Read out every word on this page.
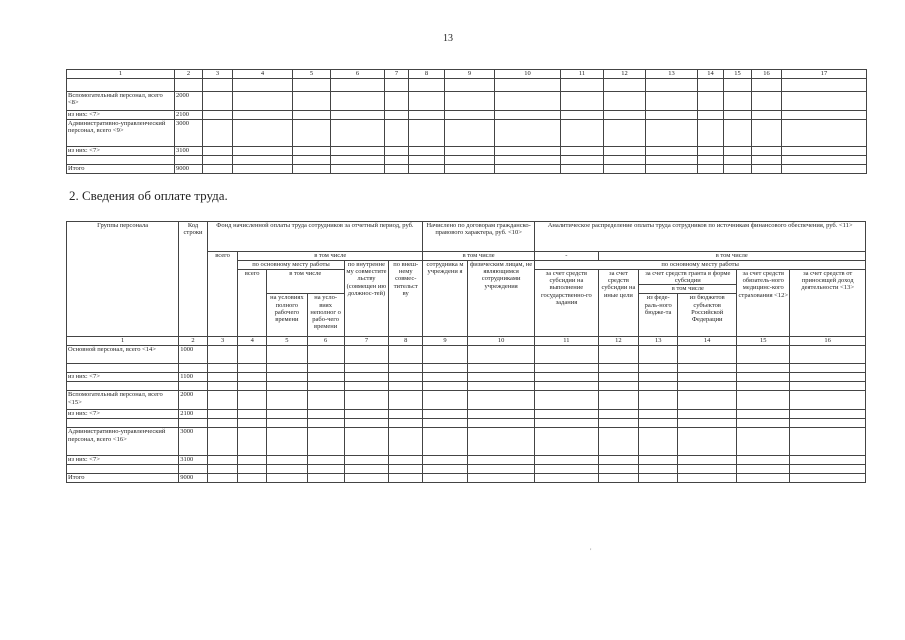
13
1	2	3	4	5	6	7	8	9	10	11	12	13	14	15	16	17

Вспомогательный персонал, всего <8>	2000															
из них: <7>	2100															
Административно-управленческий персонал, всего <9>	3000															
из них: <7>	3100															

Итого	9000															
2. Сведения об оплате труда.
Группы персонала	Код строки	Фонд начисленной оплаты труда сотрудников за отчетный период, руб.						Начислено по договорам гражданско-правового характера, руб. <10>		Аналитическое распределение оплаты труда сотрудников по источникам финансового обеспечения, руб. <11>					
		всего	в том числе					в том числе		-	в том числе				
			по основному месту работы			по внутренне му совместите льству (совмещен ию должнос-тей)	по внеш-нему совмес-тительст ву	сотрудника м учреждени я	физическим лицам, не являющимся сотрудниками учреждения	по основному месту работы					
			всего	в том числе						за счет средств субсидии на выполнение государственно-го задания	за счет средств субсидии на иные цели	за счет средств гранта в форме субсидии		за счет средств обязатель-ного медицинс-кого страхования <12>	за счет средств от приносящей доход деятельности <13>
												в том числе			
				на условиях полного рабочего времени	на усло-виях неполног о рабо-чего времени							из феде-раль-ного бюдже-та	из бюджетов субъектов Российской Федерации		
1	2	3	4	5	6	7	8	9	10	11	12	13	14	15	16
Основной персонал, всего <14>	1000														

из них: <7>	1100														

Вспомогательный персонал, всего <15>	2000														
из них: <7>	2100														

Административно-управленческий персонал, всего <16>	3000														
из них: <7>	3100														

Итого	9000														
,
